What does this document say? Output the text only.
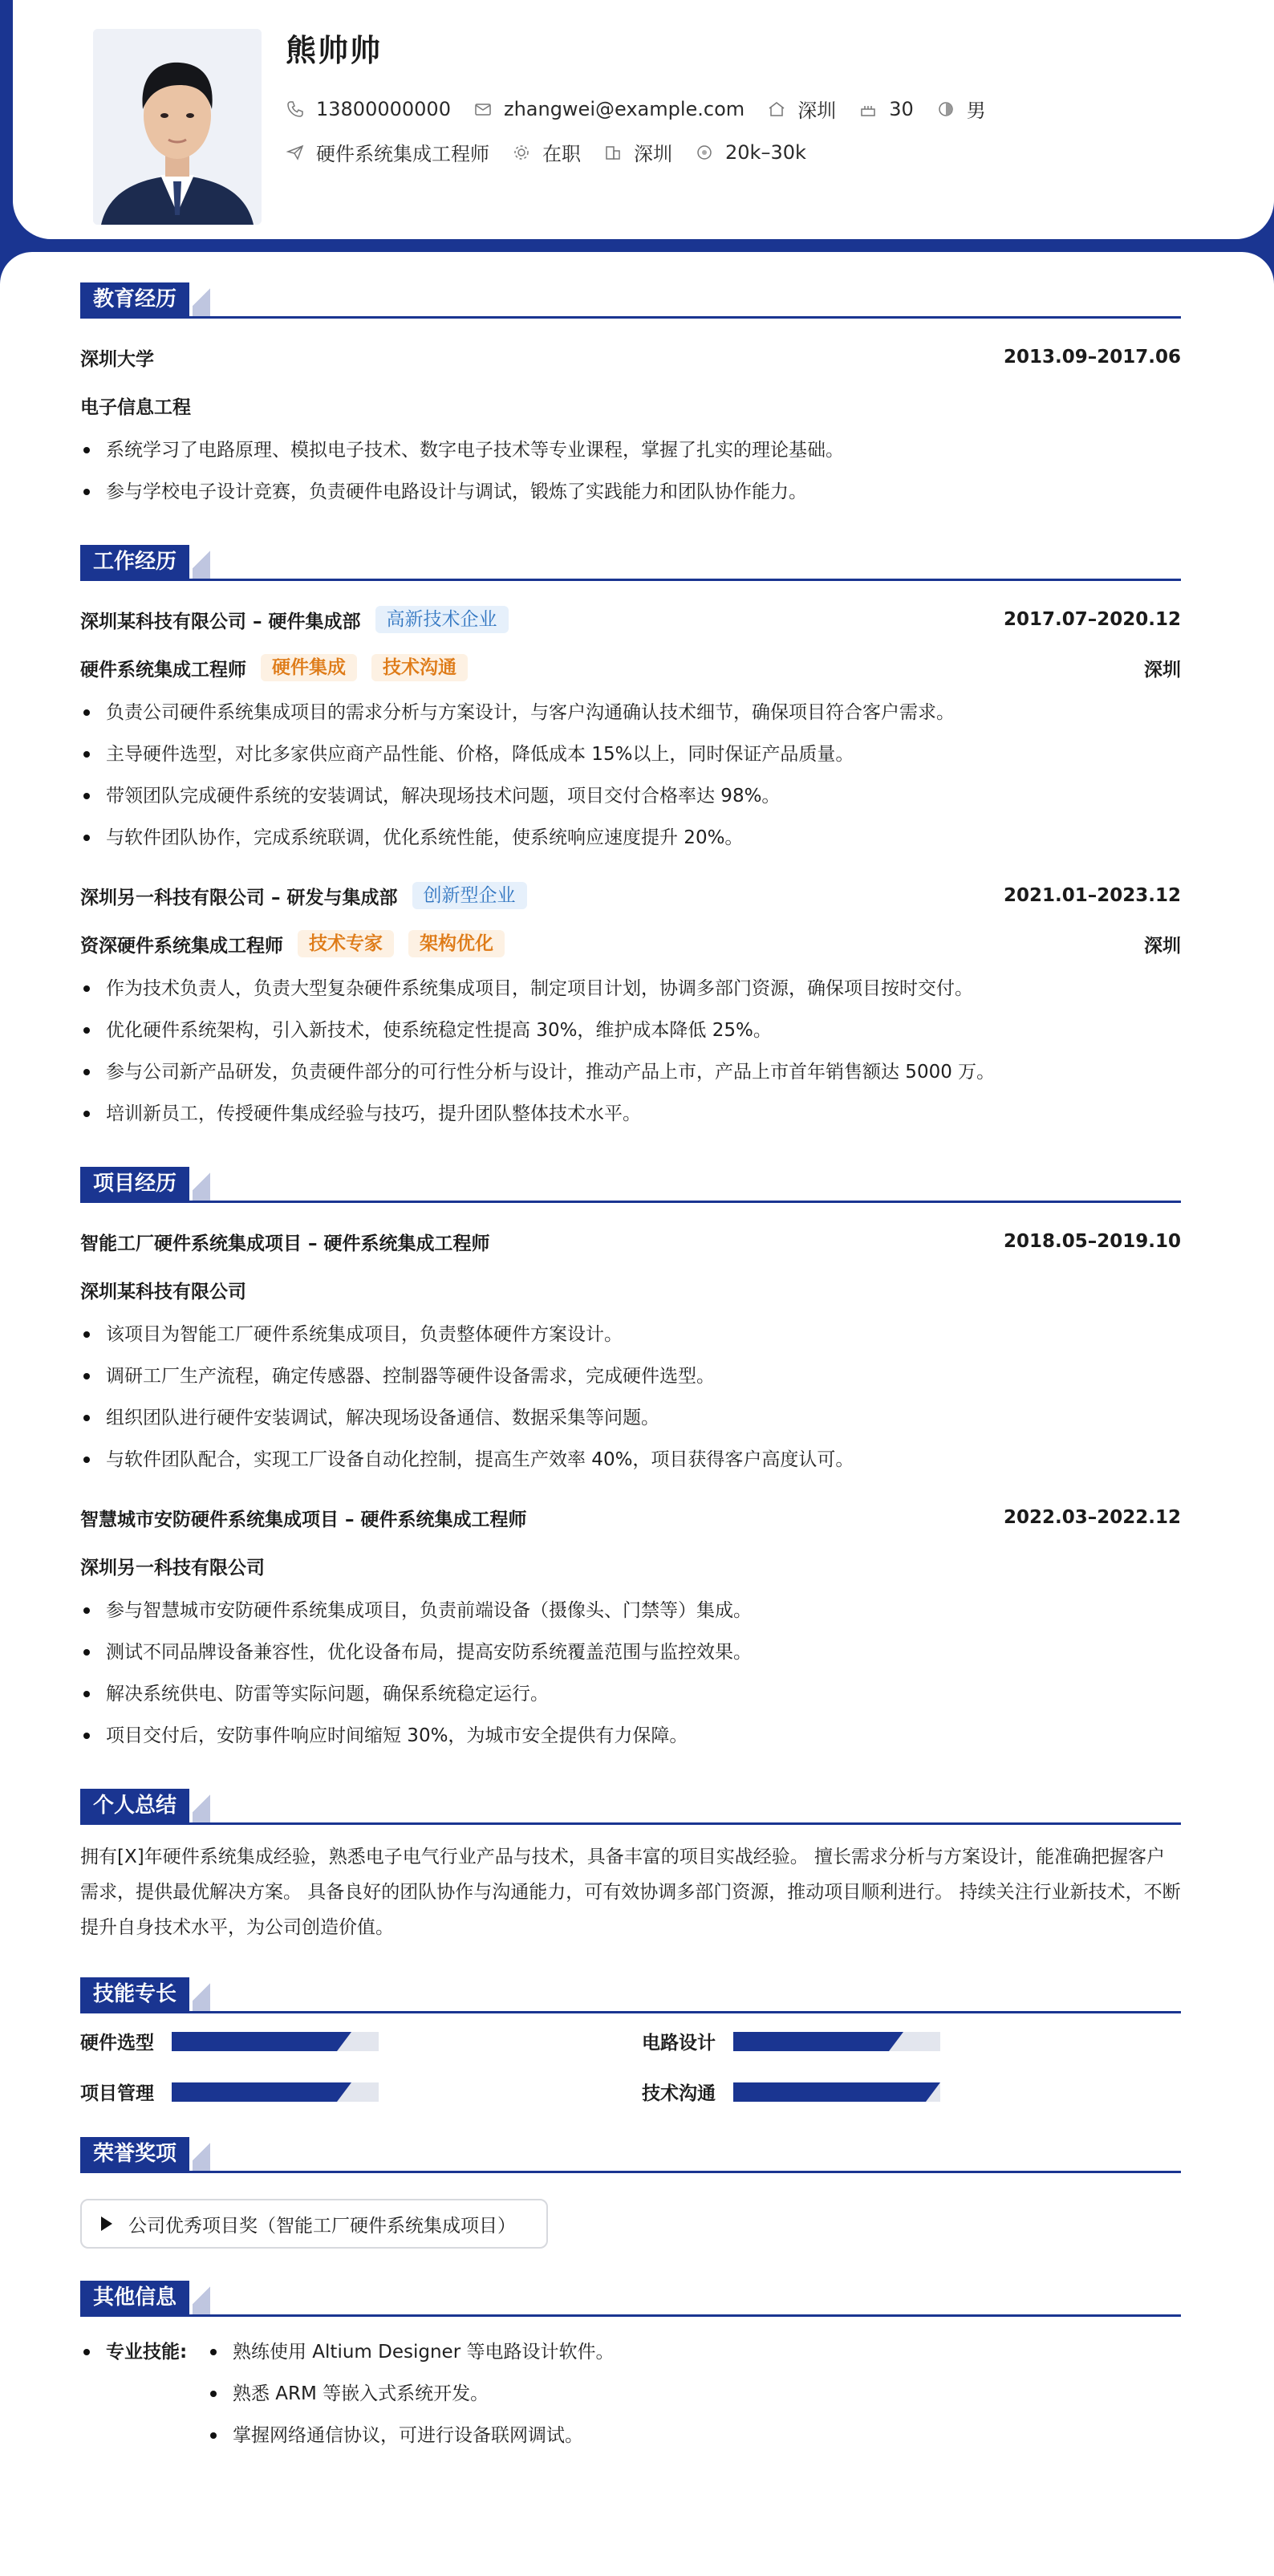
熊帅帅
13800000000	zhangwei@example.com	深圳	30	男
硬件系统集成工程师	在职	深圳	20k–30k
教育经历
深圳大学	2013.09–2017.06
电子信息工程
系统学习了电路原理、模拟电子技术、数字电子技术等专业课程，掌握了扎实的理论基础。
参与学校电子设计竞赛，负责硬件电路设计与调试，锻炼了实践能力和团队协作能力。
工作经历
深圳某科技有限公司 – 硬件集成部	高新技术企业	2017.07–2020.12
硬件系统集成工程师	硬件集成	技术沟通	深圳
负责公司硬件系统集成项目的需求分析与方案设计，与客户沟通确认技术细节，确保项目符合客户需求。
主导硬件选型，对比多家供应商产品性能、价格，降低成本 15%以上，同时保证产品质量。
带领团队完成硬件系统的安装调试，解决现场技术问题，项目交付合格率达 98%。
与软件团队协作，完成系统联调，优化系统性能，使系统响应速度提升 20%。
深圳另一科技有限公司 – 研发与集成部	创新型企业	2021.01–2023.12
资深硬件系统集成工程师	技术专家	架构优化	深圳
作为技术负责人，负责大型复杂硬件系统集成项目，制定项目计划，协调多部门资源，确保项目按时交付。
优化硬件系统架构，引入新技术，使系统稳定性提高 30%，维护成本降低 25%。
参与公司新产品研发，负责硬件部分的可行性分析与设计，推动产品上市，产品上市首年销售额达 5000 万。
培训新员工，传授硬件集成经验与技巧，提升团队整体技术水平。
项目经历
智能工厂硬件系统集成项目 – 硬件系统集成工程师	2018.05–2019.10
深圳某科技有限公司
该项目为智能工厂硬件系统集成项目，负责整体硬件方案设计。
调研工厂生产流程，确定传感器、控制器等硬件设备需求，完成硬件选型。
组织团队进行硬件安装调试，解决现场设备通信、数据采集等问题。
与软件团队配合，实现工厂设备自动化控制，提高生产效率 40%，项目获得客户高度认可。
智慧城市安防硬件系统集成项目 – 硬件系统集成工程师	2022.03–2022.12
深圳另一科技有限公司
参与智慧城市安防硬件系统集成项目，负责前端设备（摄像头、门禁等）集成。
测试不同品牌设备兼容性，优化设备布局，提高安防系统覆盖范围与监控效果。
解决系统供电、防雷等实际问题，确保系统稳定运行。
项目交付后，安防事件响应时间缩短 30%，为城市安全提供有力保障。
个人总结
拥有[X]年硬件系统集成经验，熟悉电子电气行业产品与技术，具备丰富的项目实战经验。 擅长需求分析与方案设计，能准确把握客户需求，提供最优解决方案。 具备良好的团队协作与沟通能力，可有效协调多部门资源，推动项目顺利进行。 持续关注行业新技术，不断提升自身技术水平，为公司创造价值。
技能专长
硬件选型	电路设计
项目管理	技术沟通
荣誉奖项
公司优秀项目奖（智能工厂硬件系统集成项目）
其他信息
专业技能:	熟练使用 Altium Designer 等电路设计软件。
熟悉 ARM 等嵌入式系统开发。
掌握网络通信协议，可进行设备联网调试。
